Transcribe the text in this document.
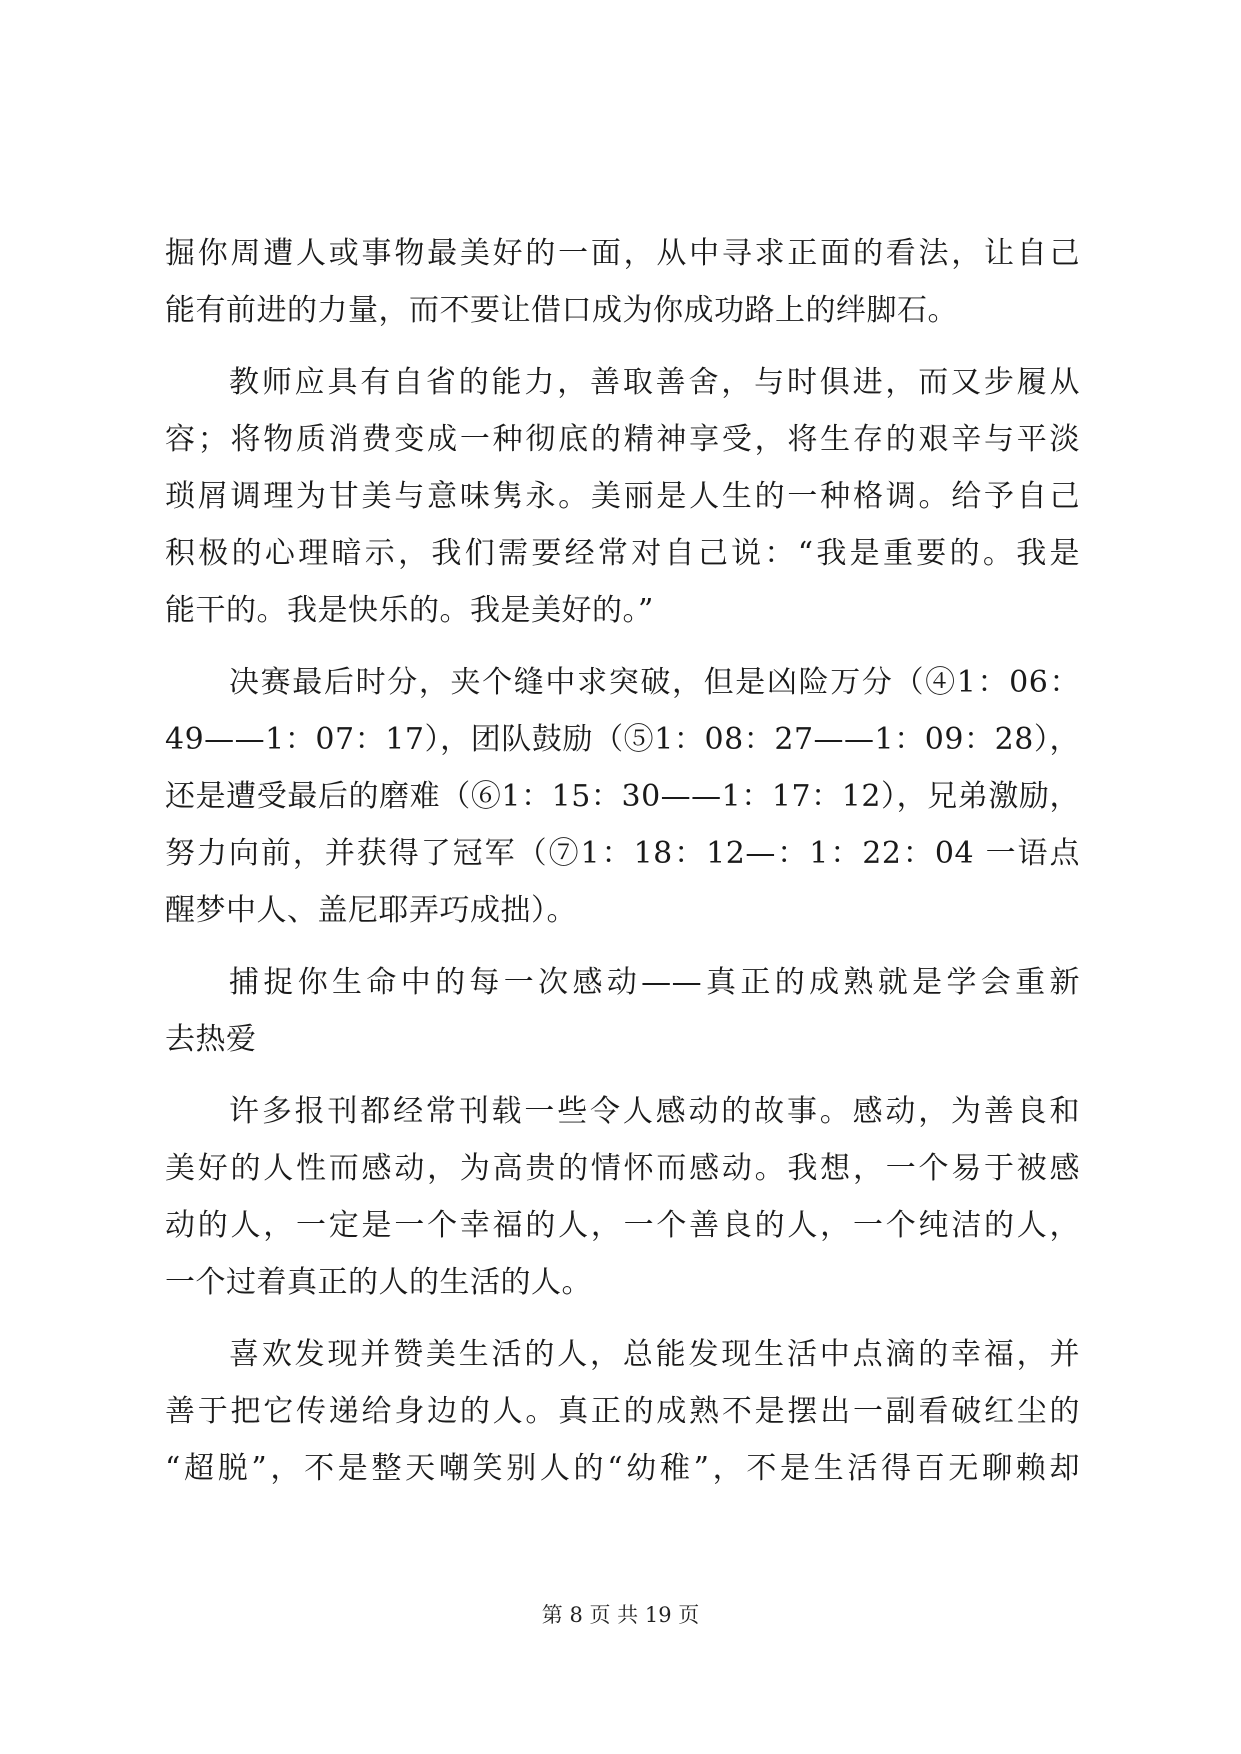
掘你周遭人或事物最美好的一面，从中寻求正面的看法，让自己
能有前进的力量，而不要让借口成为你成功路上的绊脚石。
教师应具有自省的能力，善取善舍，与时俱进，而又步履从
容；将物质消费变成一种彻底的精神享受，将生存的艰辛与平淡
琐屑调理为甘美与意味隽永。美丽是人生的一种格调。给予自己
积极的心理暗示，我们需要经常对自己说：“我是重要的。我是
能干的。我是快乐的。我是美好的。”
决赛最后时分，夹个缝中求突破，但是凶险万分（④1：06：
49——1：07：17），团队鼓励（⑤1：08：27——1：09：28），
还是遭受最后的磨难（⑥1：15：30——1：17：12），兄弟激励，
努力向前，并获得了冠军（⑦1：18：12—：1：22：04 一语点
醒梦中人、盖尼耶弄巧成拙）。
捕捉你生命中的每一次感动——真正的成熟就是学会重新
去热爱
许多报刊都经常刊载一些令人感动的故事。感动，为善良和
美好的人性而感动，为高贵的情怀而感动。我想，一个易于被感
动的人，一定是一个幸福的人，一个善良的人，一个纯洁的人，
一个过着真正的人的生活的人。
喜欢发现并赞美生活的人，总能发现生活中点滴的幸福，并
善于把它传递给身边的人。真正的成熟不是摆出一副看破红尘的
“超脱”，不是整天嘲笑别人的“幼稚”，不是生活得百无聊赖却
第 8 页 共 19 页
